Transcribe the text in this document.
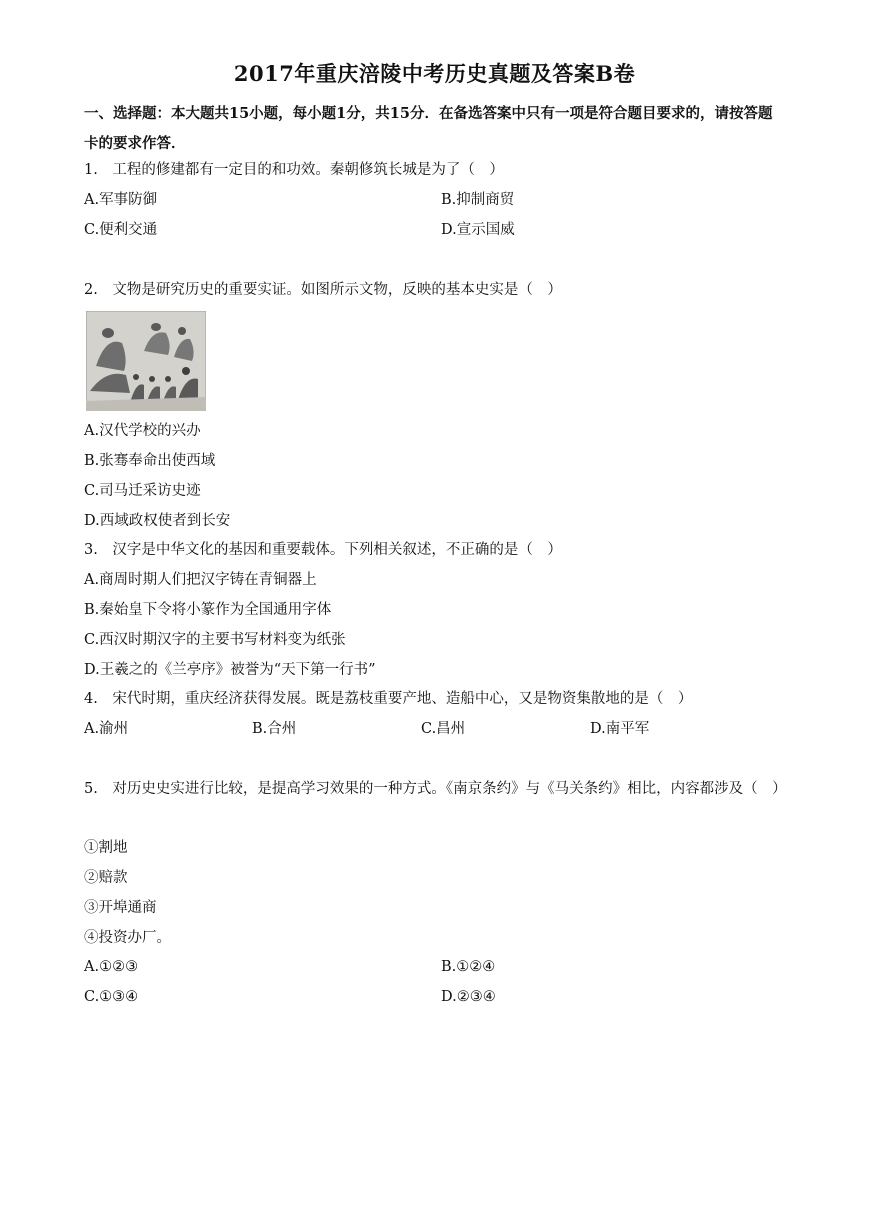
2017年重庆涪陵中考历史真题及答案B卷
一、选择题：本大题共15小题，每小题1分，共15分．在备选答案中只有一项是符合题目要求的，请按答题卡的要求作答．
1.　工程的修建都有一定目的和功效。秦朝修筑长城是为了（　）
A.军事防御	B.抑制商贸
C.便利交通	D.宣示国威
2.　文物是研究历史的重要实证。如图所示文物，反映的基本史实是（　）
A.汉代学校的兴办
B.张骞奉命出使西域
C.司马迁采访史迹
D.西域政权使者到长安
3.　汉字是中华文化的基因和重要载体。下列相关叙述，不正确的是（　）
A.商周时期人们把汉字铸在青铜器上
B.秦始皇下令将小篆作为全国通用字体
C.西汉时期汉字的主要书写材料变为纸张
D.王羲之的《兰亭序》被誉为“天下第一行书”
4.　宋代时期，重庆经济获得发展。既是荔枝重要产地、造船中心，又是物资集散地的是（　）
A.渝州	B.合州	C.昌州	D.南平军
5.　对历史史实进行比较，是提高学习效果的一种方式。《南京条约》与《马关条约》相比，内容都涉及（　）
①割地
②赔款
③开埠通商
④投资办厂。
A.①②③	B.①②④
C.①③④	D.②③④
